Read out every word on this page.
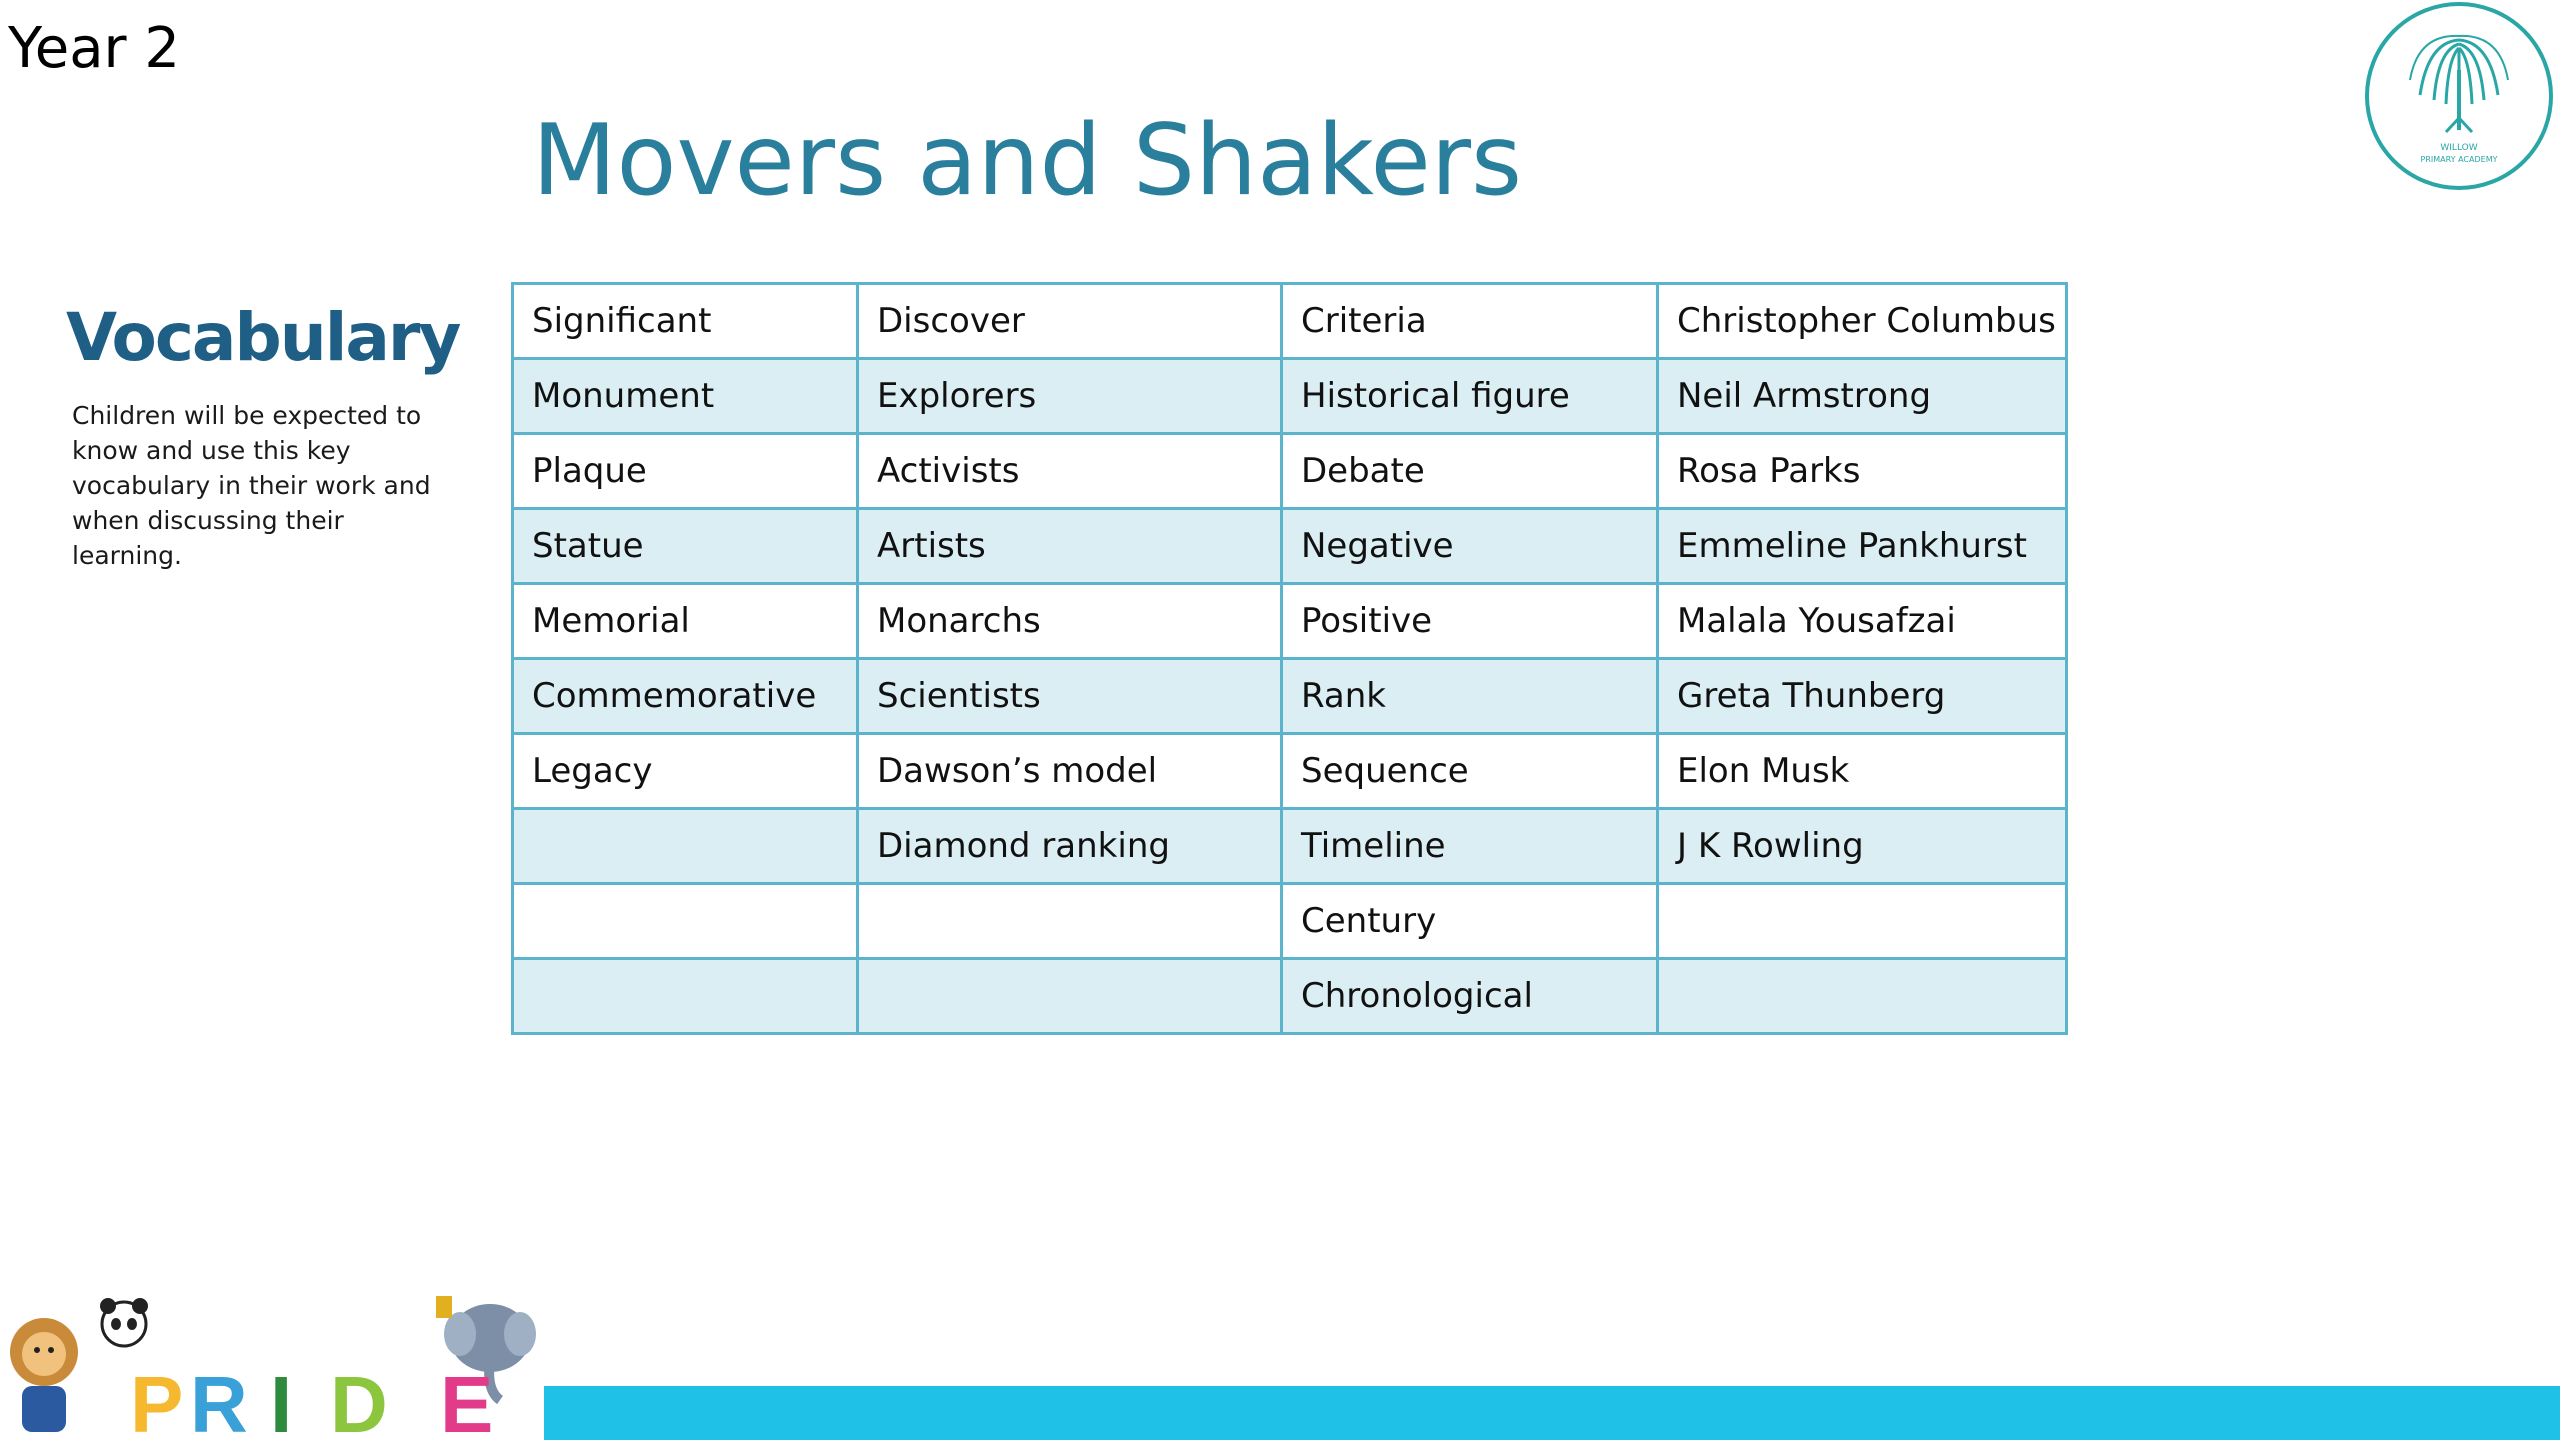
Year 2
Movers and Shakers	WILLOW
PRIMARY ACADEMY
Vocabulary
Children will be expected to know and use this key vocabulary in their work and when discussing their learning.
Significant	Discover	Criteria	Christopher Columbus
Monument	Explorers	Historical figure	Neil Armstrong
Plaque	Activists	Debate	Rosa Parks
Statue	Artists	Negative	Emmeline Pankhurst
Memorial	Monarchs	Positive	Malala Yousafzai
Commemorative	Scientists	Rank	Greta Thunberg
Legacy	Dawson’s model	Sequence	Elon Musk
	Diamond ranking	Timeline	J K Rowling
		Century	
		Chronological	
P R I D E
